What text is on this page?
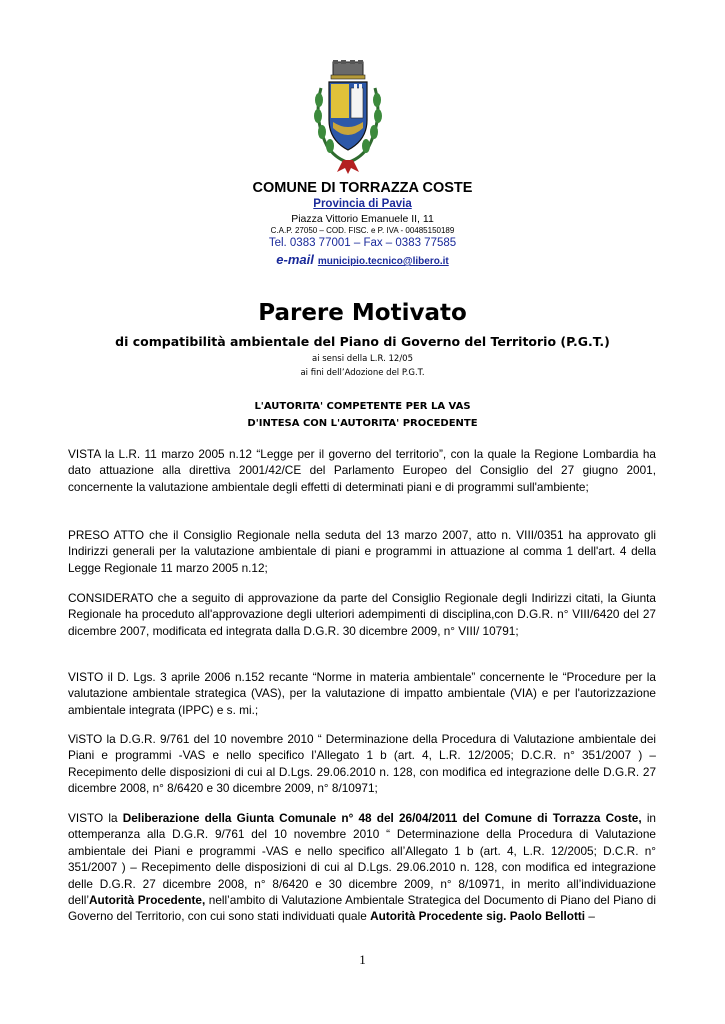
COMUNE DI TORRAZZA COSTE
Provincia di Pavia
Piazza Vittorio Emanuele II, 11
C.A.P. 27050 – COD. FISC. e P. IVA - 00485150189
Tel. 0383 77001 – Fax – 0383 77585
e-mail municipio.tecnico@libero.it
Parere Motivato
di compatibilità ambientale del Piano di Governo del Territorio (P.G.T.)
ai sensi della L.R. 12/05
ai fini dell’Adozione del P.G.T.
L'AUTORITA' COMPETENTE PER LA VAS
D'INTESA CON L'AUTORITA' PROCEDENTE

VISTA la L.R. 11 marzo 2005 n.12 “Legge per il governo del territorio”, con la quale la Regione Lombardia ha dato attuazione alla direttiva 2001/42/CE del Parlamento Europeo del Consiglio del 27 giugno 2001, concernente la valutazione ambientale degli effetti di determinati piani e di programmi sull'ambiente;

PRESO ATTO che il Consiglio Regionale nella seduta del 13 marzo 2007, atto n. VIII/0351 ha approvato gli Indirizzi generali per la valutazione ambientale di piani e programmi in attuazione al comma 1 dell'art. 4 della Legge Regionale 11 marzo 2005 n.12;

CONSIDERATO che a seguito di approvazione da parte del Consiglio Regionale degli Indirizzi citati, la Giunta Regionale ha proceduto all'approvazione degli ulteriori adempimenti di disciplina,con D.G.R. n° VIII/6420 del 27 dicembre 2007, modificata ed integrata dalla D.G.R. 30 dicembre 2009, n° VIII/ 10791;

VISTO il D. Lgs. 3 aprile 2006 n.152 recante “Norme in materia ambientale” concernente le “Procedure per la valutazione ambientale strategica (VAS), per la valutazione di impatto ambientale (VIA) e per l'autorizzazione ambientale integrata (IPPC) e s. mi.;

ViSTO la D.G.R. 9/761 del 10 novembre 2010 “ Determinazione della Procedura di Valutazione ambientale dei Piani e programmi -VAS e nello specifico l’Allegato 1 b (art. 4, L.R. 12/2005; D.C.R. n° 351/2007 ) – Recepimento delle disposizioni di cui al D.Lgs. 29.06.2010 n. 128, con modifica ed integrazione delle D.G.R. 27 dicembre 2008, n° 8/6420 e 30 dicembre 2009, n° 8/10971;

VISTO la Deliberazione della Giunta Comunale n° 48 del 26/04/2011 del Comune di Torrazza Coste, in ottemperanza alla D.G.R. 9/761 del 10 novembre 2010 “ Determinazione della Procedura di Valutazione ambientale dei Piani e programmi -VAS e nello specifico all’Allegato 1 b (art. 4, L.R. 12/2005; D.C.R. n° 351/2007 ) – Recepimento delle disposizioni di cui al D.Lgs. 29.06.2010 n. 128, con modifica ed integrazione delle D.G.R. 27 dicembre 2008, n° 8/6420 e 30 dicembre 2009, n° 8/10971, in merito all’individuazione dell’Autorità Procedente, nell’ambito di Valutazione Ambientale Strategica del Documento di Piano del Piano di Governo del Territorio, con cui sono stati individuati quale Autorità Procedente sig. Paolo Bellotti –

1
